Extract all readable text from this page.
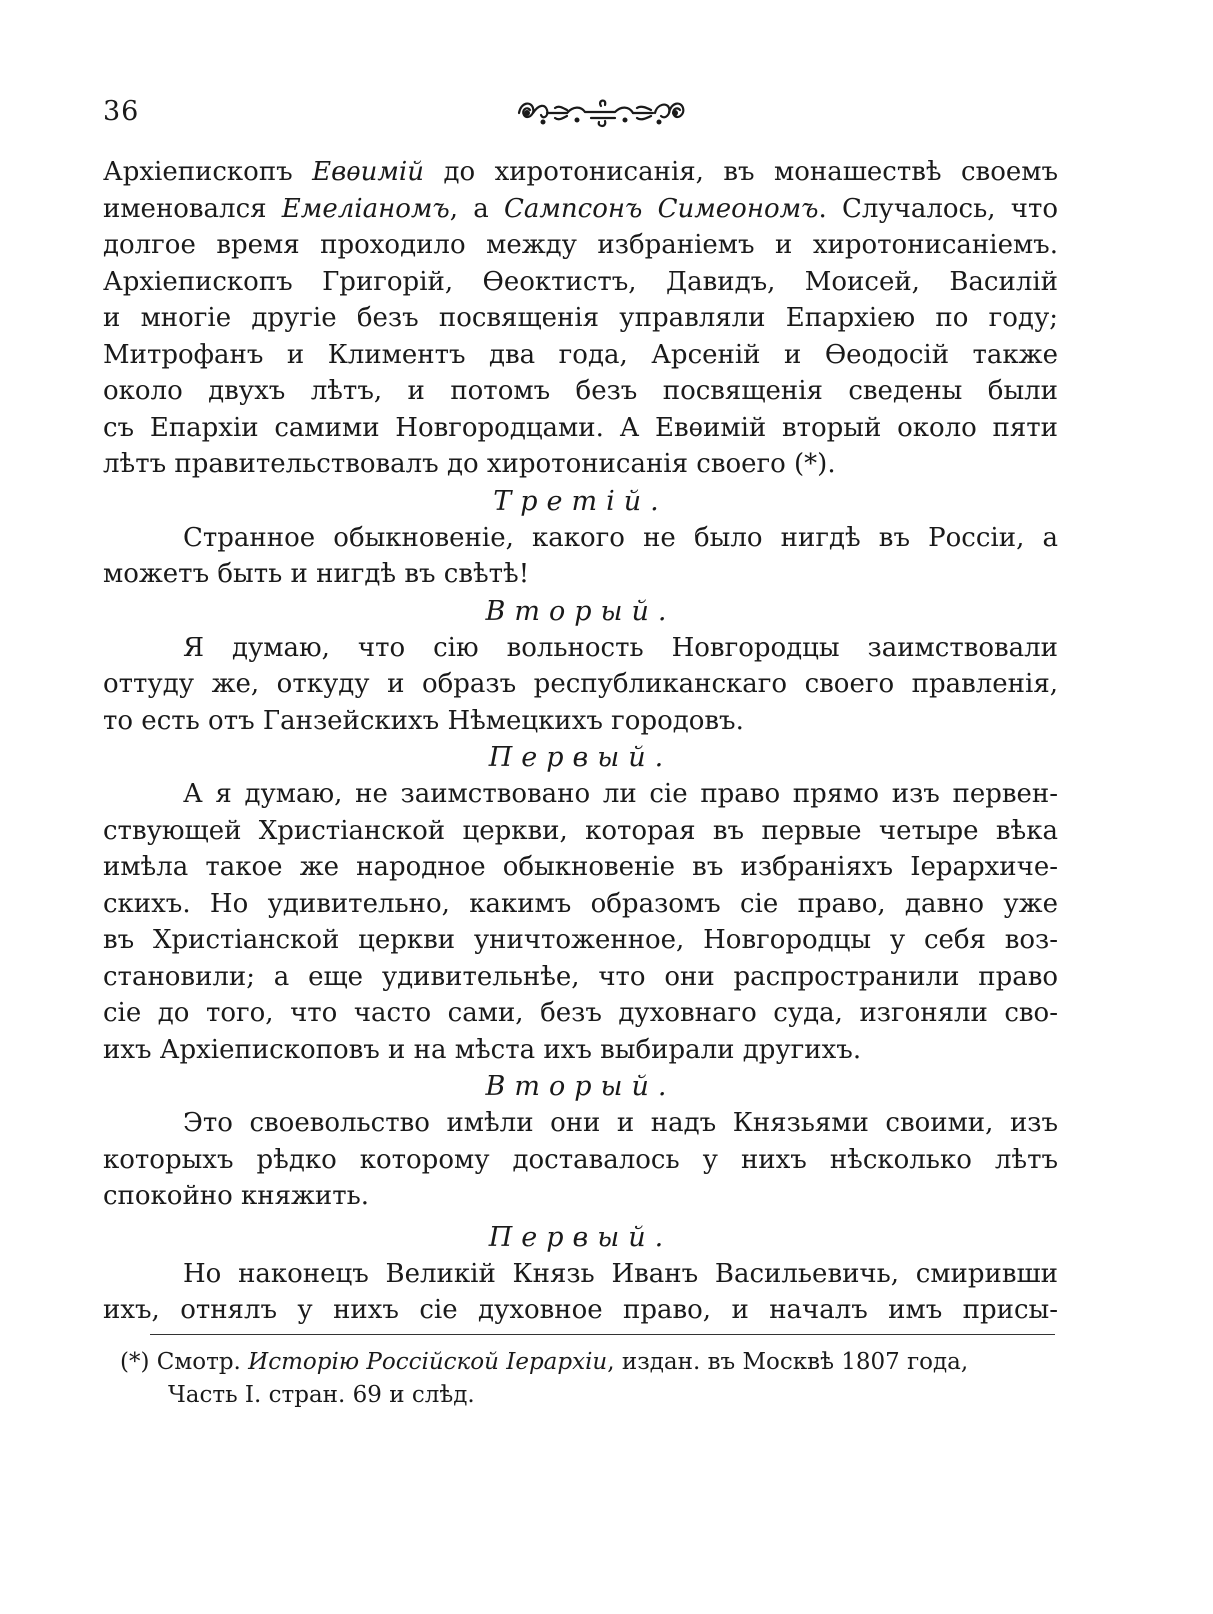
36
Архіепископъ Евѳимій до хиротонисанія, въ монашествѣ своемъ
именовался Емеліаномъ, а Сампсонъ Симеономъ. Случалось, что
долгое время проходило между избраніемъ и хиротонисаніемъ.
Архіепископъ Григорій, Ѳеоктистъ, Давидъ, Моисей, Василій
и многіе другіе безъ посвященія управляли Епархіею по году;
Митрофанъ и Климентъ два года, Арсеній и Ѳеодосій также
около двухъ лѣтъ, и потомъ безъ посвященія сведены были
съ Епархіи самими Новгородцами. А Евѳимій вторый около пяти
лѣтъ правительствовалъ до хиротонисанія своего (*).
Третій.
Странное обыкновеніе, какого не было нигдѣ въ Россіи, а
можетъ быть и нигдѣ въ свѣтѣ!
Вторый.
Я думаю, что сію вольность Новгородцы заимствовали
оттуду же, откуду и образъ республиканскаго своего правленія,
то есть отъ Ганзейскихъ Нѣмецкихъ городовъ.
Первый.
А я думаю, не заимствовано ли сіе право прямо изъ первен-
ствующей Христіанской церкви, которая въ первые четыре вѣка
имѣла такое же народное обыкновеніе въ избраніяхъ Іерархиче-
скихъ. Но удивительно, какимъ образомъ сіе право, давно уже
въ Христіанской церкви уничтоженное, Новгородцы у себя воз-
становили; а еще удивительнѣе, что они распространили право
сіе до того, что часто сами, безъ духовнаго суда, изгоняли сво-
ихъ Архіепископовъ и на мѣста ихъ выбирали другихъ.
Вторый.
Это своевольство имѣли они и надъ Князьями своими, изъ
которыхъ рѣдко которому доставалось у нихъ нѣсколько лѣтъ
спокойно княжить.
Первый.
Но наконецъ Великій Князь Иванъ Васильевичь, смиривши
ихъ, отнялъ у нихъ сіе духовное право, и началъ имъ присы-
(*) Смотр. Исторію Россійской Іерархіи, издан. въ Москвѣ 1807 года,
Часть I. стран. 69 и слѣд.
